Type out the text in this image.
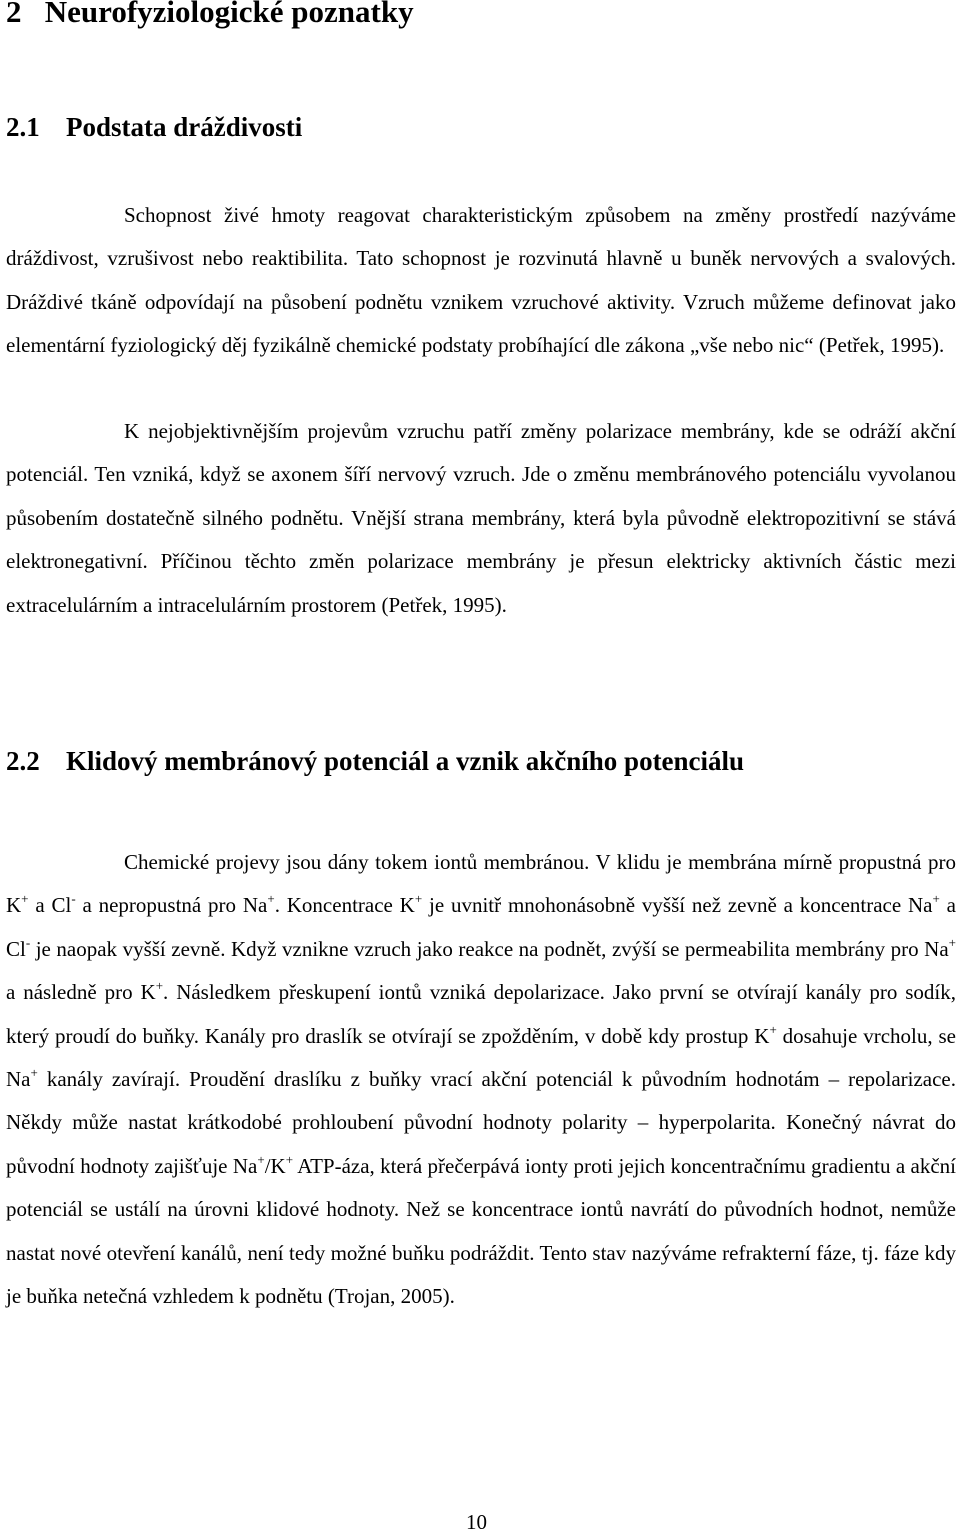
2 Neurofyziologické poznatky
2.1 Podstata dráždivosti

Schopnost živé hmoty reagovat charakteristickým způsobem na změny prostředí nazýváme dráždivost, vzrušivost nebo reaktibilita. Tato schopnost je rozvinutá hlavně u buněk nervových a svalových. Dráždivé tkáně odpovídají na působení podnětu vznikem vzruchové aktivity. Vzruch můžeme definovat jako elementární fyziologický děj fyzikálně chemické podstaty probíhající dle zákona „vše nebo nic“ (Petřek, 1995).

K nejobjektivnějším projevům vzruchu patří změny polarizace membrány, kde se odráží akční potenciál. Ten vzniká, když se axonem šíří nervový vzruch. Jde o změnu membránového potenciálu vyvolanou působením dostatečně silného podnětu. Vnější strana membrány, která byla původně elektropozitivní se stává elektronegativní. Příčinou těchto změn polarizace membrány je přesun elektricky aktivních částic mezi extracelulárním a intracelulárním prostorem (Petřek, 1995).

2.2 Klidový membránový potenciál a vznik akčního potenciálu

Chemické projevy jsou dány tokem iontů membránou. V klidu je membrána mírně propustná pro K+ a Cl- a nepropustná pro Na+. Koncentrace K+ je uvnitř mnohonásobně vyšší než zevně a koncentrace Na+ a Cl- je naopak vyšší zevně. Když vznikne vzruch jako reakce na podnět, zvýší se permeabilita membrány pro Na+ a následně pro K+. Následkem přeskupení iontů vzniká depolarizace. Jako první se otvírají kanály pro sodík, který proudí do buňky. Kanály pro draslík se otvírají se zpožděním, v době kdy prostup K+ dosahuje vrcholu, se Na+ kanály zavírají. Proudění draslíku z buňky vrací akční potenciál k původním hodnotám – repolarizace. Někdy může nastat krátkodobé prohloubení původní hodnoty polarity – hyperpolarita. Konečný návrat do původní hodnoty zajišťuje Na+/K+ ATP-áza, která přečerpává ionty proti jejich koncentračnímu gradientu a akční potenciál se ustálí na úrovni klidové hodnoty. Než se koncentrace iontů navrátí do původních hodnot, nemůže nastat nové otevření kanálů, není tedy možné buňku podráždit. Tento stav nazýváme refrakterní fáze, tj. fáze kdy je buňka netečná vzhledem k podnětu (Trojan, 2005).

10
